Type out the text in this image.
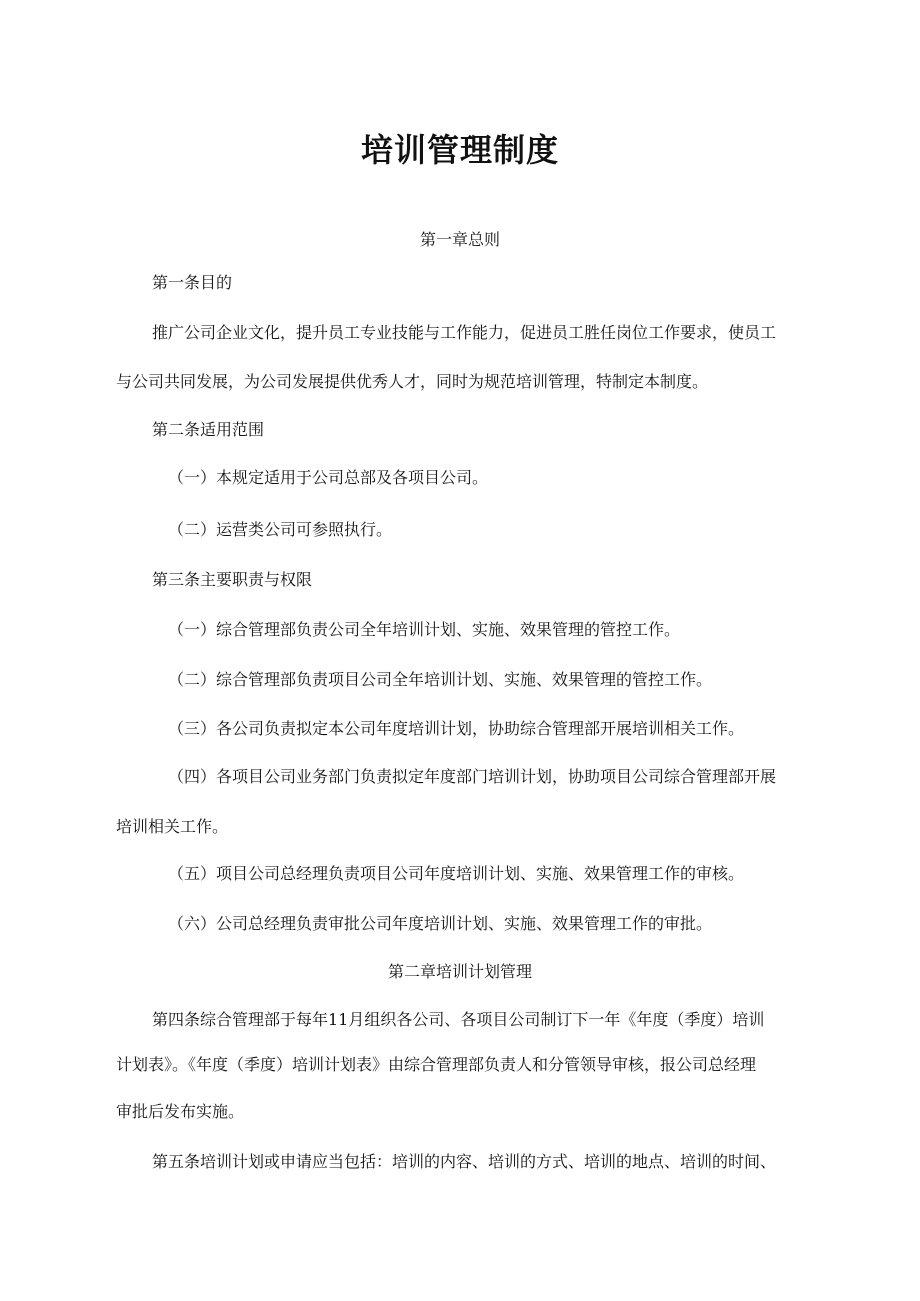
培训管理制度
第一章总则
第一条目的
推广公司企业文化，提升员工专业技能与工作能力，促进员工胜任岗位工作要求，使员工
与公司共同发展，为公司发展提供优秀人才，同时为规范培训管理，特制定本制度。
第二条适用范围
（一）本规定适用于公司总部及各项目公司。
（二）运营类公司可参照执行。
第三条主要职责与权限
（一）综合管理部负责公司全年培训计划、实施、效果管理的管控工作。
（二）综合管理部负责项目公司全年培训计划、实施、效果管理的管控工作。
（三）各公司负责拟定本公司年度培训计划，协助综合管理部开展培训相关工作。
（四）各项目公司业务部门负责拟定年度部门培训计划，协助项目公司综合管理部开展
培训相关工作。
（五）项目公司总经理负责项目公司年度培训计划、实施、效果管理工作的审核。
（六）公司总经理负责审批公司年度培训计划、实施、效果管理工作的审批。
第二章培训计划管理
第四条综合管理部于每年11月组织各公司、各项目公司制订下一年《年度（季度）培训
计划表》。《年度（季度）培训计划表》由综合管理部负责人和分管领导审核，报公司总经理
审批后发布实施。
第五条培训计划或申请应当包括：培训的内容、培训的方式、培训的地点、培训的时间、
